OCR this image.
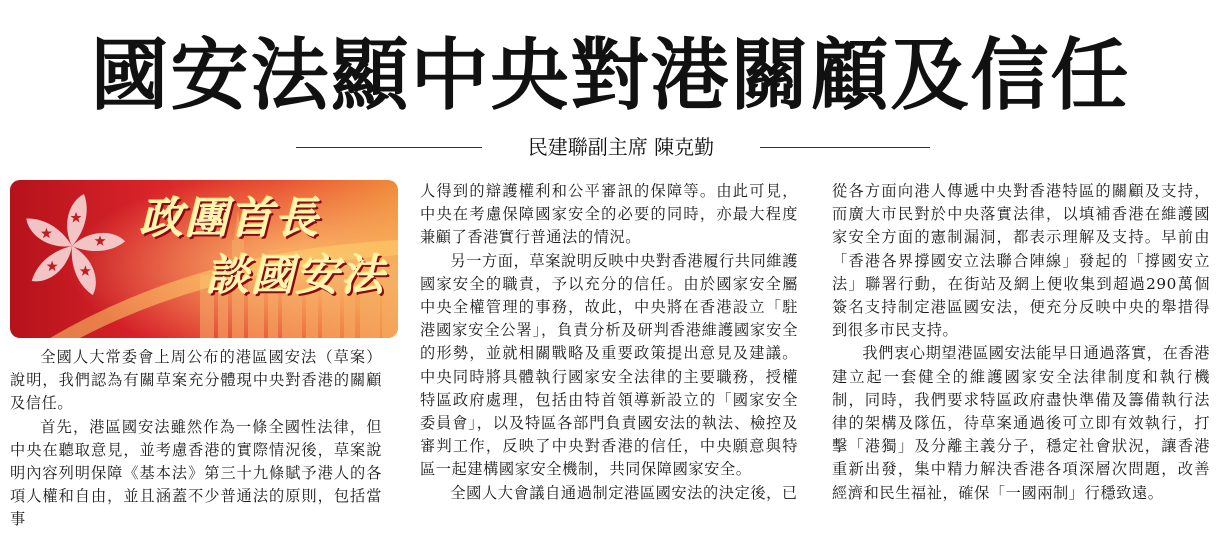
國安法顯中央對港關顧及信任
民建聯副主席 陳克勤
政團首長
談國安法

全國人大常委會上周公布的港區國安法（草案）說明，我們認為有關草案充分體現中央對香港的關顧及信任。

首先，港區國安法雖然作為一條全國性法律，但中央在聽取意見，並考慮香港的實際情況後，草案說明內容列明保障《基本法》第三十九條賦予港人的各項人權和自由，並且涵蓋不少普通法的原則，包括當事

人得到的辯護權利和公平審訊的保障等。由此可見，中央在考慮保障國家安全的必要的同時，亦最大程度兼顧了香港實行普通法的情況。

另一方面，草案說明反映中央對香港履行共同維護國家安全的職責，予以充分的信任。由於國家安全屬中央全權管理的事務，故此，中央將在香港設立「駐港國家安全公署」，負責分析及研判香港維護國家安全的形勢，並就相關戰略及重要政策提出意見及建議。中央同時將具體執行國家安全法律的主要職務，授權特區政府處理，包括由特首領導新設立的「國家安全委員會」，以及特區各部門負責國安法的執法、檢控及審判工作，反映了中央對香港的信任，中央願意與特區一起建構國家安全機制，共同保障國家安全。

全國人大會議自通過制定港區國安法的決定後，已

從各方面向港人傳遞中央對香港特區的關顧及支持，而廣大市民對於中央落實法律，以填補香港在維護國家安全方面的憲制漏洞，都表示理解及支持。早前由「香港各界撐國安立法聯合陣線」發起的「撐國安立法」聯署行動，在街站及網上便收集到超過290萬個簽名支持制定港區國安法，便充分反映中央的舉措得到很多市民支持。

我們衷心期望港區國安法能早日通過落實，在香港建立起一套健全的維護國家安全法律制度和執行機制，同時，我們要求特區政府盡快準備及籌備執行法律的架構及隊伍，待草案通過後可立即有效執行，打擊「港獨」及分離主義分子，穩定社會狀況，讓香港重新出發，集中精力解決香港各項深層次問題，改善經濟和民生福祉，確保「一國兩制」行穩致遠。
